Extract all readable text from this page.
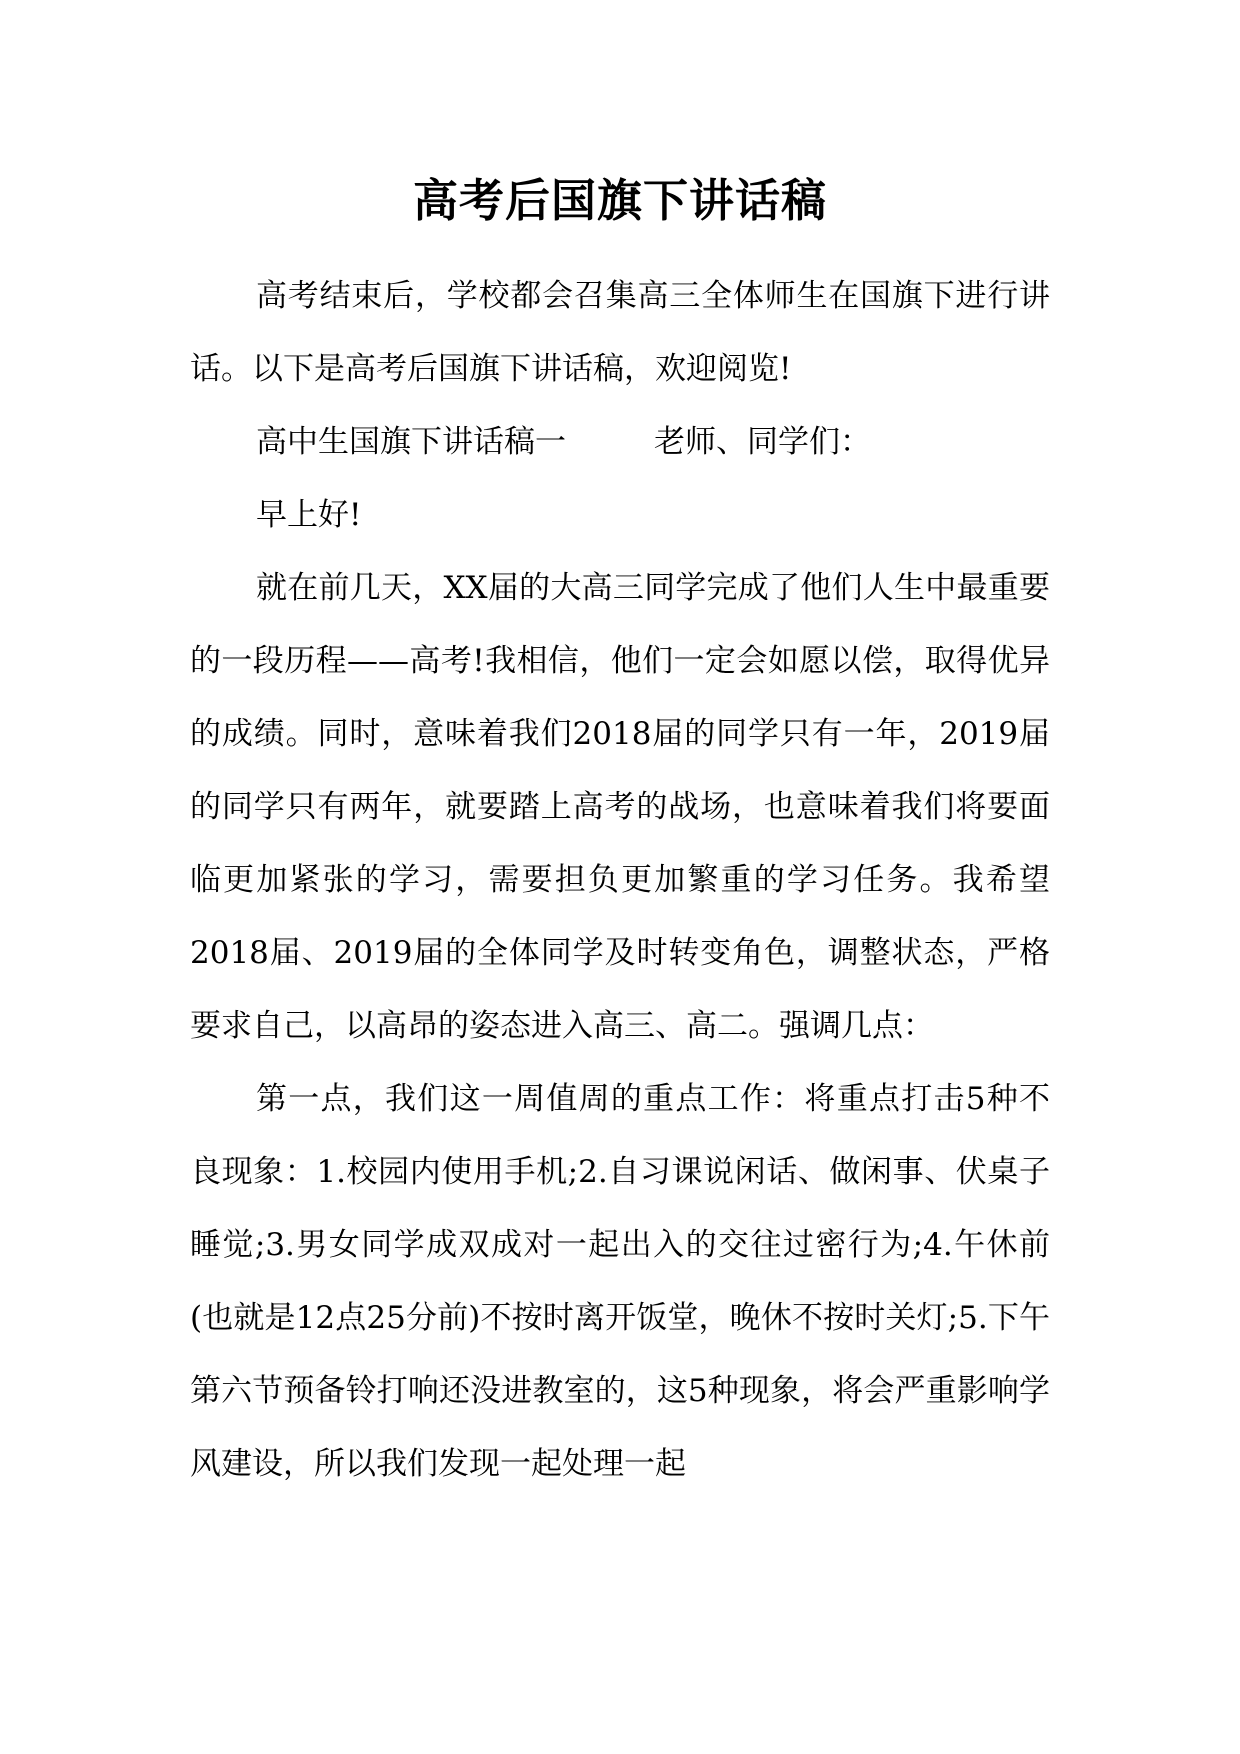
高考后国旗下讲话稿

高考结束后，学校都会召集高三全体师生在国旗下进行讲话。以下是高考后国旗下讲话稿，欢迎阅览!

高中生国旗下讲话稿一	老师、同学们：

早上好!

就在前几天，XX届的大高三同学完成了他们人生中最重要的一段历程——高考!我相信，他们一定会如愿以偿，取得优异的成绩。同时，意味着我们2018届的同学只有一年，2019届的同学只有两年，就要踏上高考的战场，也意味着我们将要面临更加紧张的学习，需要担负更加繁重的学习任务。我希望2018届、2019届的全体同学及时转变角色，调整状态，严格要求自己，以高昂的姿态进入高三、高二。强调几点：

第一点，我们这一周值周的重点工作：将重点打击5种不良现象：1.校园内使用手机;2.自习课说闲话、做闲事、伏桌子睡觉;3.男女同学成双成对一起出入的交往过密行为;4.午休前(也就是12点25分前)不按时离开饭堂，晚休不按时关灯;5.下午第六节预备铃打响还没进教室的，这5种现象，将会严重影响学风建设，所以我们发现一起处理一起
